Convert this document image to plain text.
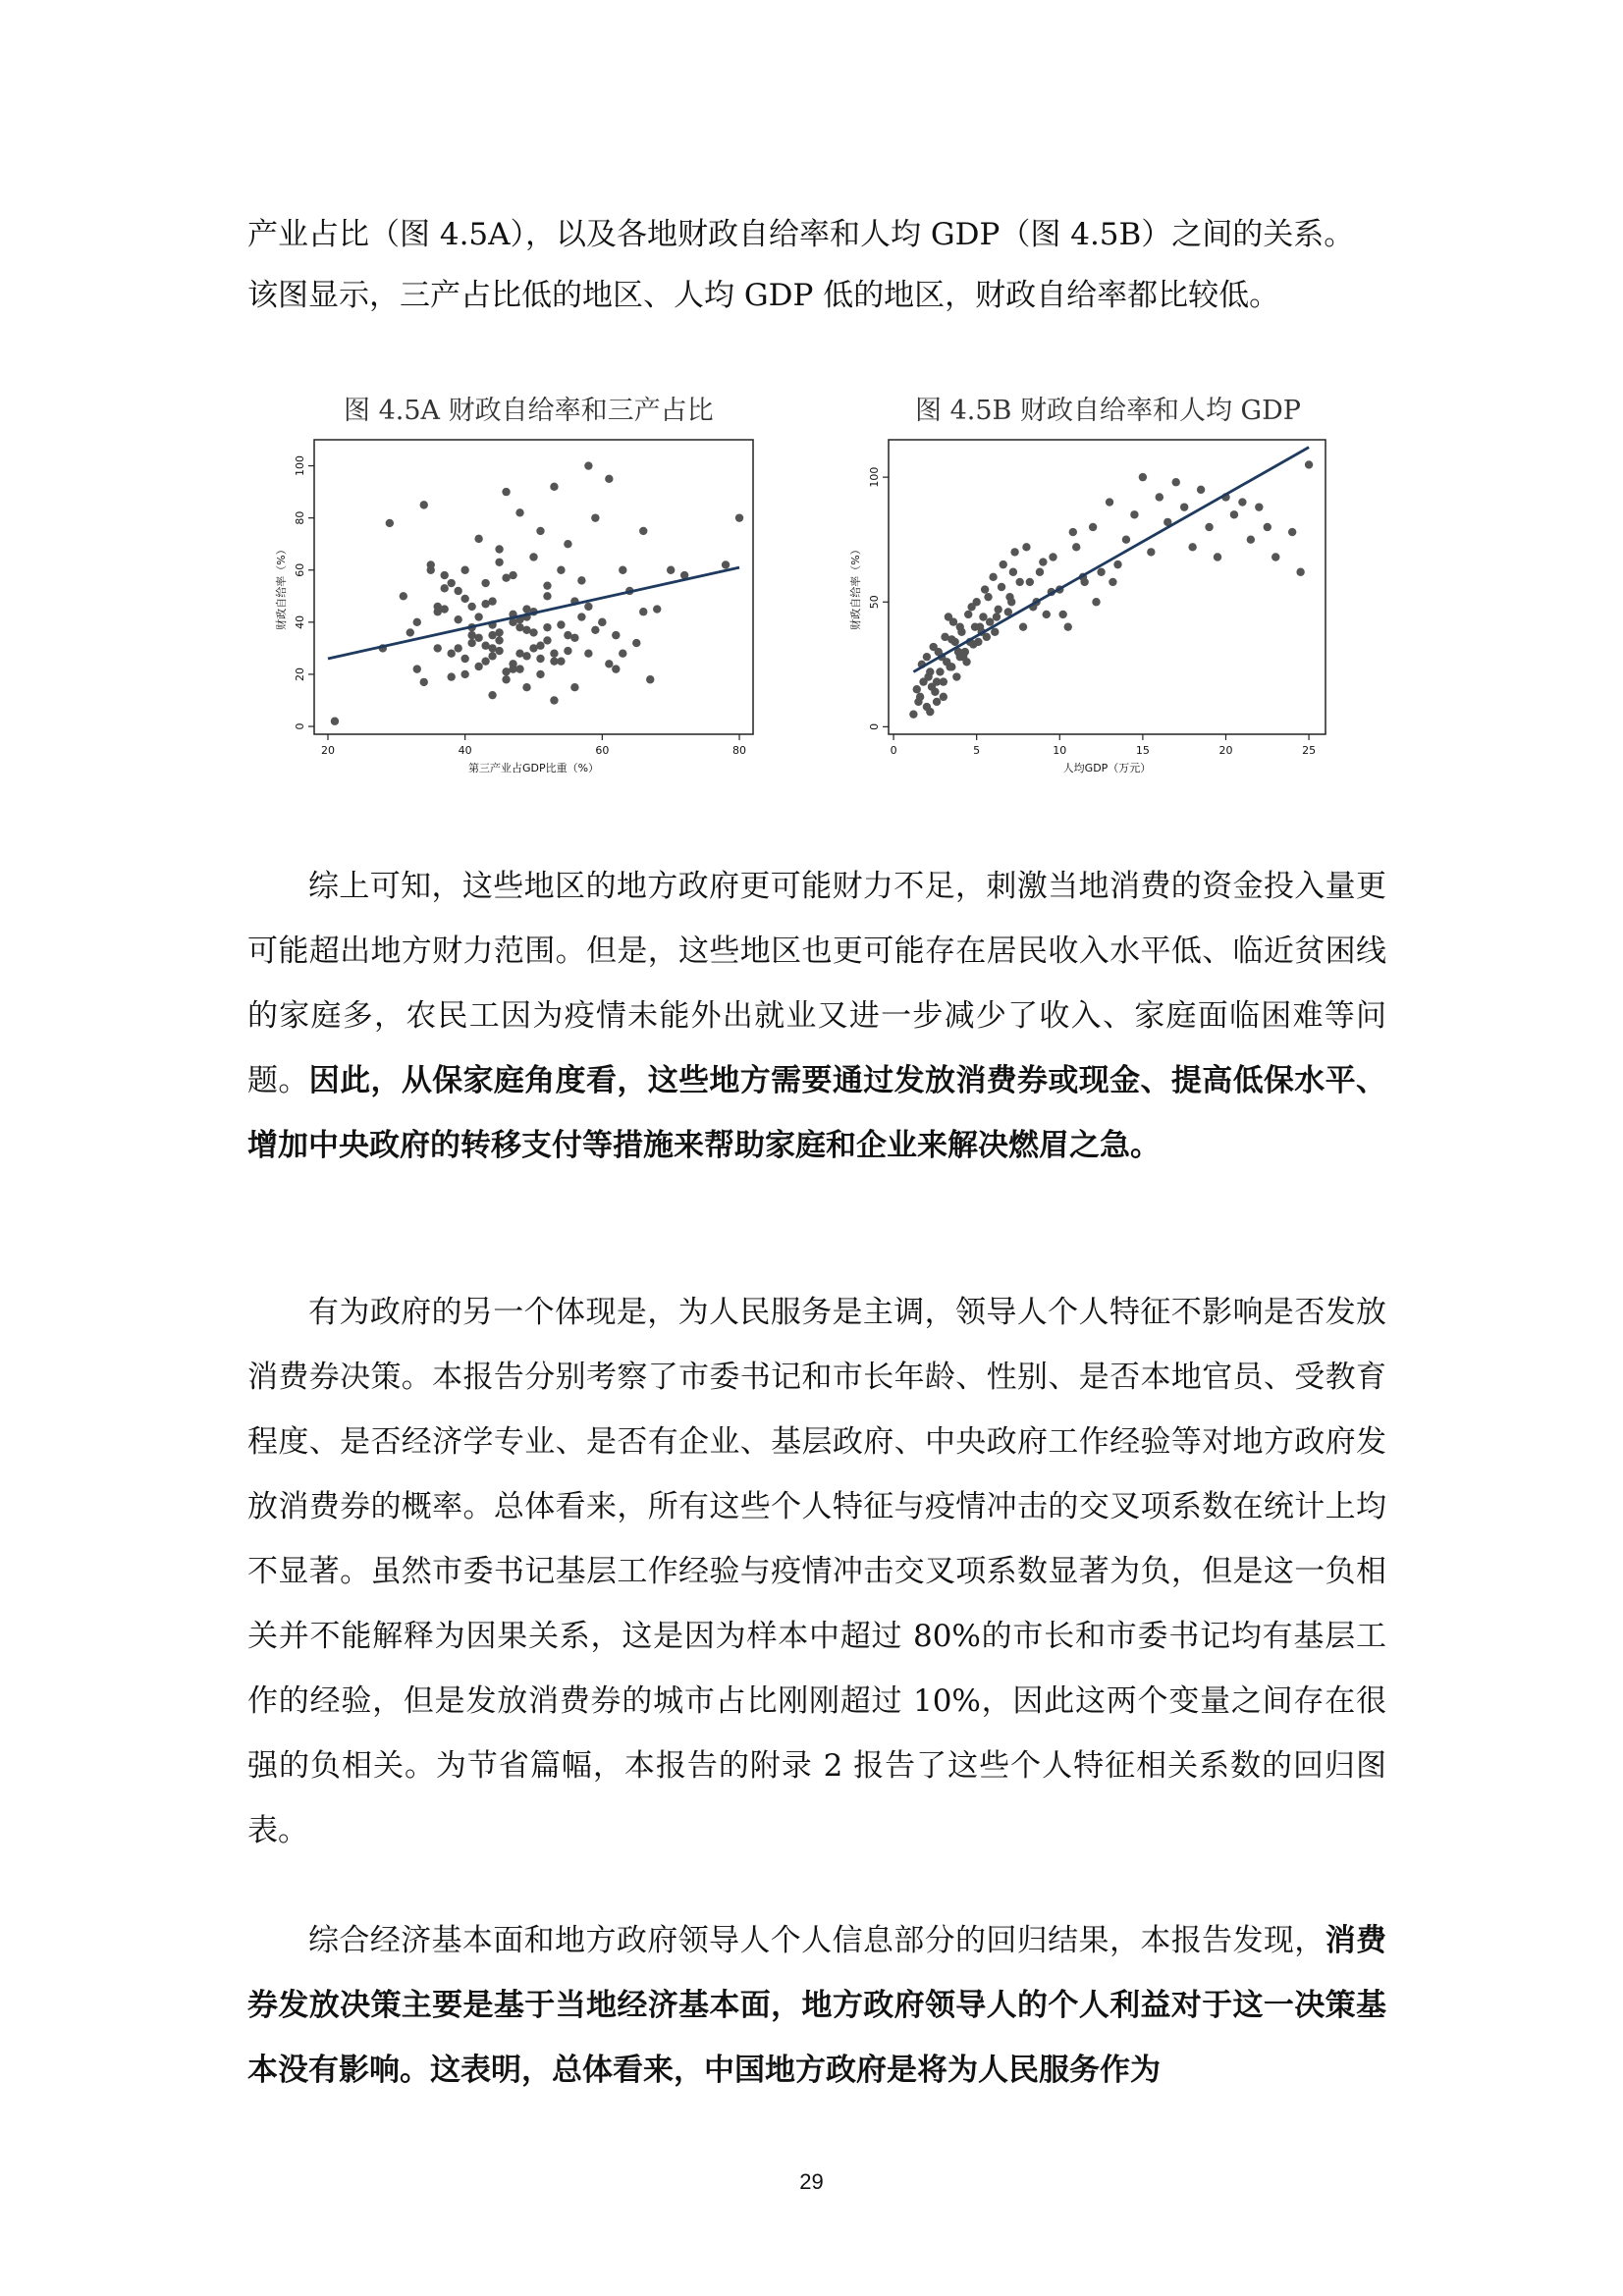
产业占比（图 4.5A），以及各地财政自给率和人均 GDP（图 4.5B）之间的关系。

该图显示，三产占比低的地区、人均 GDP 低的地区，财政自给率都比较低。

图 4.5A 财政自给率和三产占比
20	40	60	80
0
20
40
60
80
100
第三产业占GDP比重（%）
财政自给率（%）
图 4.5B 财政自给率和人均 GDP
0	5	10	15	20	25
0
50
100
人均GDP（万元）
财政自给率（%）

综上可知，这些地区的地方政府更可能财力不足，刺激当地消费的资金投入量更可能超出地方财力范围。但是，这些地区也更可能存在居民收入水平低、临近贫困线的家庭多，农民工因为疫情未能外出就业又进一步减少了收入、家庭面临困难等问题。因此，从保家庭角度看，这些地方需要通过发放消费券或现金、提高低保水平、增加中央政府的转移支付等措施来帮助家庭和企业来解决燃眉之急。

有为政府的另一个体现是，为人民服务是主调，领导人个人特征不影响是否发放消费券决策。本报告分别考察了市委书记和市长年龄、性别、是否本地官员、受教育程度、是否经济学专业、是否有企业、基层政府、中央政府工作经验等对地方政府发放消费券的概率。总体看来，所有这些个人特征与疫情冲击的交叉项系数在统计上均不显著。虽然市委书记基层工作经验与疫情冲击交叉项系数显著为负，但是这一负相关并不能解释为因果关系，这是因为样本中超过 80%的市长和市委书记均有基层工作的经验，但是发放消费券的城市占比刚刚超过 10%，因此这两个变量之间存在很强的负相关。为节省篇幅，本报告的附录 2 报告了这些个人特征相关系数的回归图表。

综合经济基本面和地方政府领导人个人信息部分的回归结果，本报告发现，消费券发放决策主要是基于当地经济基本面，地方政府领导人的个人利益对于这一决策基本没有影响。这表明，总体看来，中国地方政府是将为人民服务作为

29
